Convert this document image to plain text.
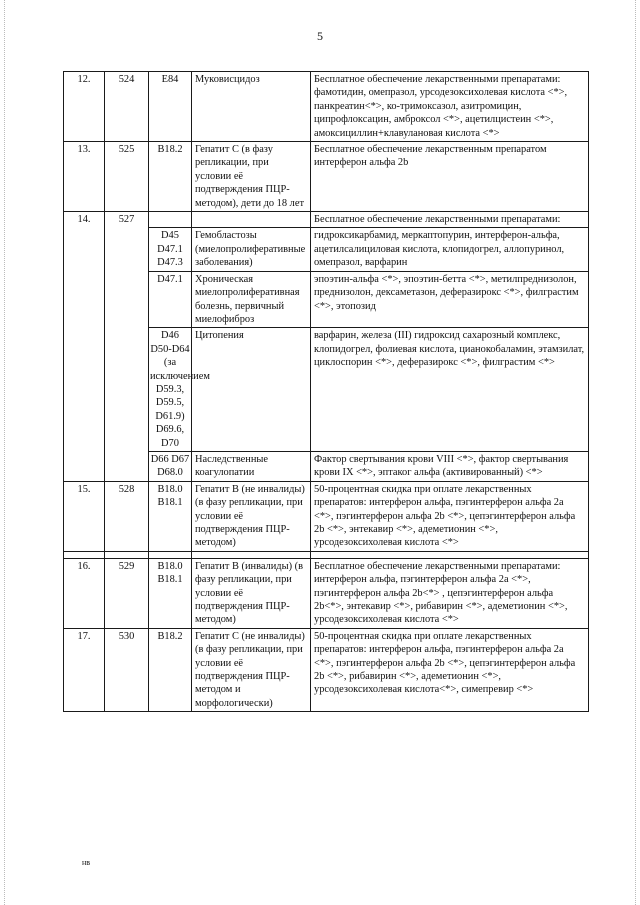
5
12.	524	E84	Муковисцидоз	Бесплатное обеспечение лекарственными препаратами: фамотидин, омепразол, урсодезоксихолевая кислота <*>, панкреатин<*>, ко-тримоксазол, азитромицин, ципрофлоксацин, амброксол <*>, ацетилцистеин <*>, амоксициллин+клавулановая кислота <*>
13.	525	B18.2	Гепатит С (в фазу репликации, при условии её подтверждения ПЦР-методом), дети до 18 лет	Бесплатное обеспечение лекарственным препаратом интерферон альфа 2b
14.	527			Бесплатное обеспечение лекарственными препаратами:
		D45 D47.1 D47.3	Гемобластозы (миелопролиферативные заболевания)	гидроксикарбамид, меркаптопурин, интерферон-альфа, ацетилсалициловая кислота, клопидогрел, аллопуринол, омепразол, варфарин
		D47.1	Хроническая миелопролиферативная болезнь, первичный миелофиброз	эпоэтин-альфа <*>, эпоэтин-бетта <*>, метилпреднизолон, преднизолон, дексаметазон, деферазирокс <*>, филграстим <*>, этопозид
		D46 D50-D64 (за исключением D59.3, D59.5, D61.9) D69.6, D70	Цитопения	варфарин, железа (III) гидроксид сахарозный комплекс, клопидогрел, фолиевая кислота, цианокобаламин, этамзилат, циклоспорин <*>, деферазирокс <*>, филграстим <*>
		D66 D67 D68.0	Наследственные коагулопатии	Фактор свертывания крови VIII <*>, фактор свертывания крови IX <*>, эптаког альфа (активированный) <*>
15.	528	B18.0 B18.1	Гепатит В (не инвалиды) (в фазу репликации, при условии её подтверждения ПЦР-методом)	50-процентная скидка при оплате лекарственных препаратов: интерферон альфа, пэгинтерферон альфа 2a <*>, пэгинтерферон альфа 2b <*>, цепэгинтерферон альфа 2b <*>, энтекавир <*>, адеметионин <*>, урсодезоксихолевая кислота <*>

16.	529	B18.0 B18.1	Гепатит В (инвалиды) (в фазу репликации, при условии её подтверждения ПЦР-методом)	Бесплатное обеспечение лекарственными препаратами: интерферон альфа, пэгинтерферон альфа 2a <*>, пэгинтерферон альфа 2b<*> , цепэгинтерферон альфа 2b<*>, энтекавир <*>, рибавирин <*>, адеметионин <*>, урсодезоксихолевая кислота <*>
17.	530	B18.2	Гепатит С (не инвалиды) (в фазу репликации, при условии её подтверждения ПЦР-методом и морфологически)	50-процентная скидка при оплате лекарственных препаратов: интерферон альфа, пэгинтерферон альфа 2a <*>, пэгинтерферон альфа 2b <*>, цепэгинтерферон альфа 2b <*>, рибавирин <*>, адеметионин <*>, урсодезоксихолевая кислота<*>, симепревир <*>
нв
